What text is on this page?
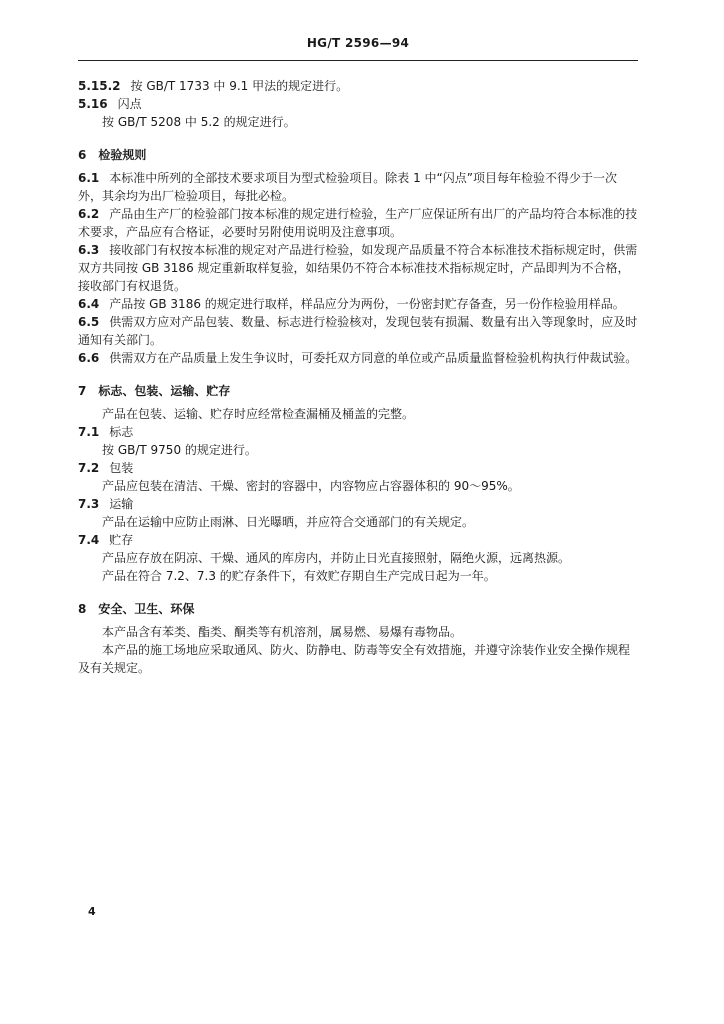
HG/T 2596—94

5.15.2 按 GB/T 1733 中 9.1 甲法的规定进行。

5.16 闪点

按 GB/T 5208 中 5.2 的规定进行。

6 检验规则

6.1 本标准中所列的全部技术要求项目为型式检验项目。除表 1 中“闪点”项目每年检验不得少于一次外，其余均为出厂检验项目，每批必检。

6.2 产品由生产厂的检验部门按本标准的规定进行检验，生产厂应保证所有出厂的产品均符合本标准的技术要求，产品应有合格证，必要时另附使用说明及注意事项。

6.3 接收部门有权按本标准的规定对产品进行检验，如发现产品质量不符合本标准技术指标规定时，供需双方共同按 GB 3186 规定重新取样复验，如结果仍不符合本标准技术指标规定时，产品即判为不合格，接收部门有权退货。

6.4 产品按 GB 3186 的规定进行取样，样品应分为两份，一份密封贮存备查，另一份作检验用样品。

6.5 供需双方应对产品包装、数量、标志进行检验核对，发现包装有损漏、数量有出入等现象时，应及时通知有关部门。

6.6 供需双方在产品质量上发生争议时，可委托双方同意的单位或产品质量监督检验机构执行仲裁试验。

7 标志、包装、运输、贮存

产品在包装、运输、贮存时应经常检查漏桶及桶盖的完整。

7.1 标志

按 GB/T 9750 的规定进行。

7.2 包装

产品应包装在清洁、干燥、密封的容器中，内容物应占容器体积的 90～95%。

7.3 运输

产品在运输中应防止雨淋、日光曝晒，并应符合交通部门的有关规定。

7.4 贮存

产品应存放在阴凉、干燥、通风的库房内，并防止日光直接照射，隔绝火源，远离热源。

产品在符合 7.2、7.3 的贮存条件下，有效贮存期自生产完成日起为一年。

8 安全、卫生、环保

本产品含有苯类、酯类、酮类等有机溶剂，属易燃、易爆有毒物品。

本产品的施工场地应采取通风、防火、防静电、防毒等安全有效措施，并遵守涂装作业安全操作规程及有关规定。

4
